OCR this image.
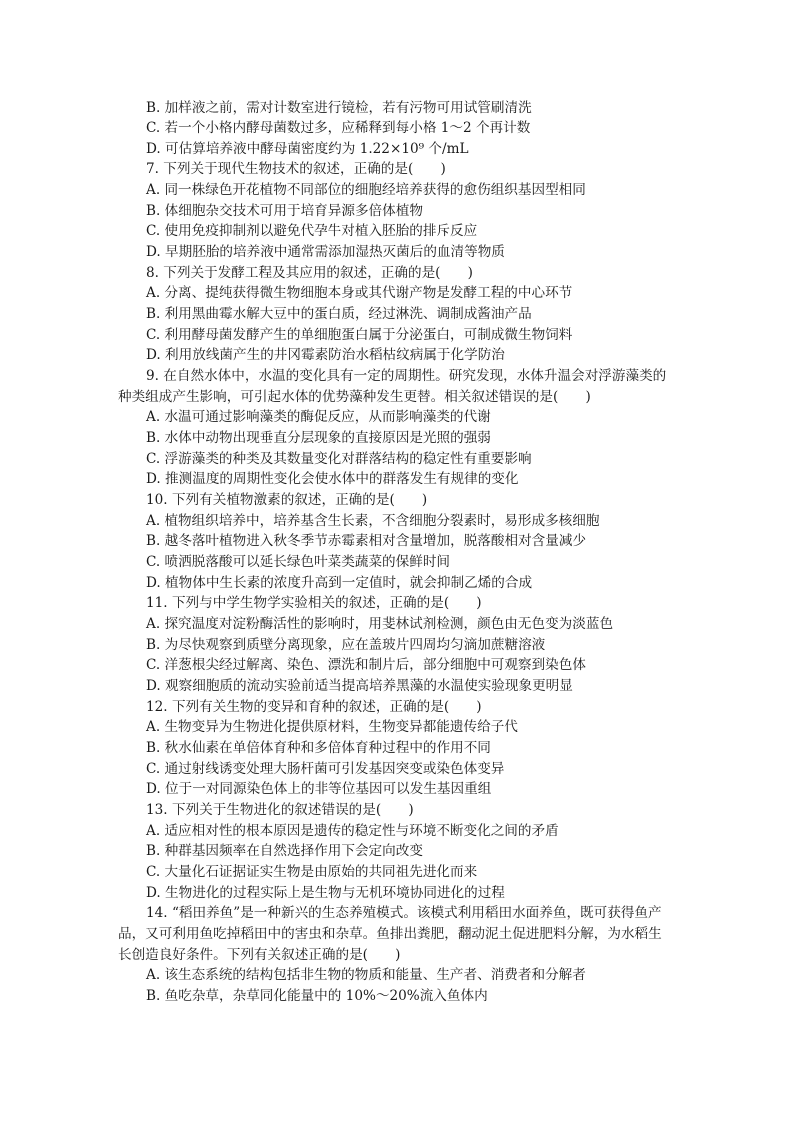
B. 加样液之前，需对计数室进行镜检，若有污物可用试管刷清洗
C. 若一个小格内酵母菌数过多，应稀释到每小格 1～2 个再计数
D. 可估算培养液中酵母菌密度约为 1.22×10⁹ 个/mL
7. 下列关于现代生物技术的叙述，正确的是(　　)
A. 同一株绿色开花植物不同部位的细胞经培养获得的愈伤组织基因型相同
B. 体细胞杂交技术可用于培育异源多倍体植物
C. 使用免疫抑制剂以避免代孕牛对植入胚胎的排斥反应
D. 早期胚胎的培养液中通常需添加湿热灭菌后的血清等物质
8. 下列关于发酵工程及其应用的叙述，正确的是(　　)
A. 分离、提纯获得微生物细胞本身或其代谢产物是发酵工程的中心环节
B. 利用黑曲霉水解大豆中的蛋白质，经过淋洗、调制成酱油产品
C. 利用酵母菌发酵产生的单细胞蛋白属于分泌蛋白，可制成微生物饲料
D. 利用放线菌产生的井冈霉素防治水稻枯纹病属于化学防治
9. 在自然水体中，水温的变化具有一定的周期性。研究发现，水体升温会对浮游藻类的
种类组成产生影响，可引起水体的优势藻种发生更替。相关叙述错误的是(　　)
A. 水温可通过影响藻类的酶促反应，从而影响藻类的代谢
B. 水体中动物出现垂直分层现象的直接原因是光照的强弱
C. 浮游藻类的种类及其数量变化对群落结构的稳定性有重要影响
D. 推测温度的周期性变化会使水体中的群落发生有规律的变化
10. 下列有关植物激素的叙述，正确的是(　　)
A. 植物组织培养中，培养基含生长素，不含细胞分裂素时，易形成多核细胞
B. 越冬落叶植物进入秋冬季节赤霉素相对含量增加，脱落酸相对含量减少
C. 喷洒脱落酸可以延长绿色叶菜类蔬菜的保鲜时间
D. 植物体中生长素的浓度升高到一定值时，就会抑制乙烯的合成
11. 下列与中学生物学实验相关的叙述，正确的是(　　)
A. 探究温度对淀粉酶活性的影响时，用斐林试剂检测，颜色由无色变为淡蓝色
B. 为尽快观察到质壁分离现象，应在盖玻片四周均匀滴加蔗糖溶液
C. 洋葱根尖经过解离、染色、漂洗和制片后，部分细胞中可观察到染色体
D. 观察细胞质的流动实验前适当提高培养黑藻的水温使实验现象更明显
12. 下列有关生物的变异和育种的叙述，正确的是(　　)
A. 生物变异为生物进化提供原材料，生物变异都能遗传给子代
B. 秋水仙素在单倍体育种和多倍体育种过程中的作用不同
C. 通过射线诱变处理大肠杆菌可引发基因突变或染色体变异
D. 位于一对同源染色体上的非等位基因可以发生基因重组
13. 下列关于生物进化的叙述错误的是(　　)
A. 适应相对性的根本原因是遗传的稳定性与环境不断变化之间的矛盾
B. 种群基因频率在自然选择作用下会定向改变
C. 大量化石证据证实生物是由原始的共同祖先进化而来
D. 生物进化的过程实际上是生物与无机环境协同进化的过程
14. “稻田养鱼”是一种新兴的生态养殖模式。该模式利用稻田水面养鱼，既可获得鱼产
品，又可利用鱼吃掉稻田中的害虫和杂草。鱼排出粪肥，翻动泥土促进肥料分解，为水稻生
长创造良好条件。下列有关叙述正确的是(　　)
A. 该生态系统的结构包括非生物的物质和能量、生产者、消费者和分解者
B. 鱼吃杂草，杂草同化能量中的 10%～20%流入鱼体内
